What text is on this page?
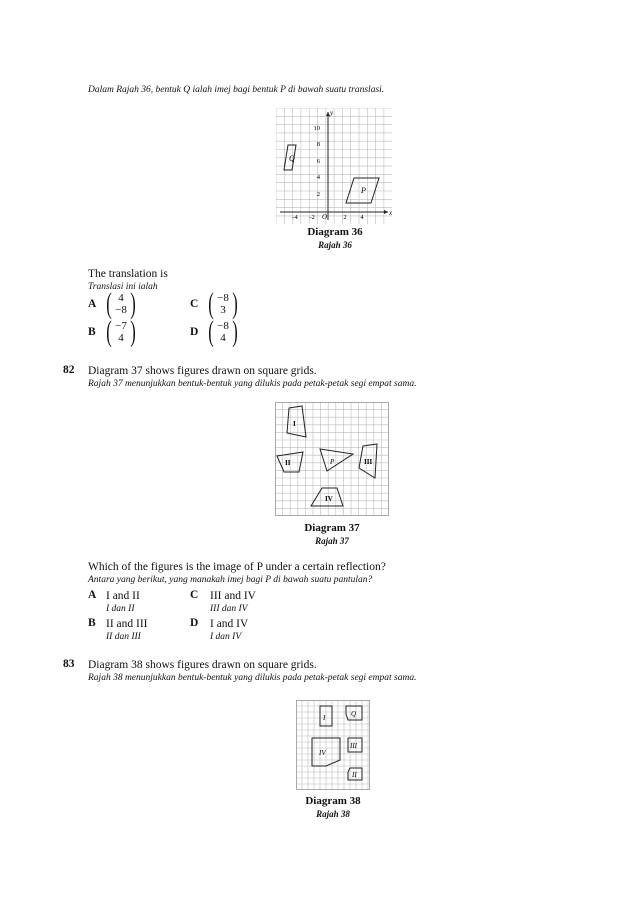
Dalam Rajah 36, bentuk Q ialah imej bagi bentuk P di bawah suatu translasi.
x
y
O
10
8
6
4
2
-4 -2	2 4
Q
P
Diagram 36
Rajah 36
The translation is
Translasi ini ialah
A ( 4
−8 )	C ( −8
3 )
B ( −7
4 )	D ( −8
4 )
82 Diagram 37 shows figures drawn on square grids.
Rajah 37 menunjukkan bentuk-bentuk yang dilukis pada petak-petak segi empat sama.
I
II	P	III
IV
Diagram 37
Rajah 37
Which of the figures is the image of P under a certain reflection?
Antara yang berikut, yang manakah imej bagi P di bawah suatu pantulan?
A I and II
I dan II
C III and IV
III dan IV
B II and III
II dan III
D I and IV
I dan IV
83 Diagram 38 shows figures drawn on square grids.
Rajah 38 menunjukkan bentuk-bentuk yang dilukis pada petak-petak segi empat sama.
I	Q
IV
III
II
Diagram 38
Rajah 38
